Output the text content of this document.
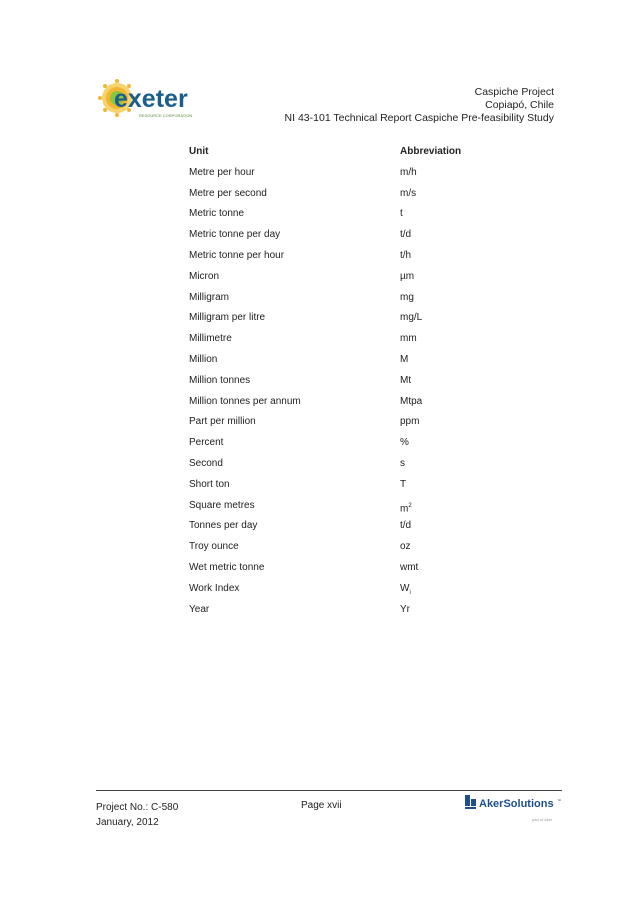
exeter
RESOURCE CORPORATION
Caspiche Project
Copiapó, Chile
NI 43-101 Technical Report Caspiche Pre-feasibility Study
Unit	Abbreviation
Metre per hour	m/h
Metre per second	m/s
Metric tonne	t
Metric tonne per day	t/d
Metric tonne per hour	t/h
Micron	µm
Milligram	mg
Milligram per litre	mg/L
Millimetre	mm
Million	M
Million tonnes	Mt
Million tonnes per annum	Mtpa
Part per million	ppm
Percent	%
Second	s
Short ton	T
Square metres	$m^2$
Tonnes per day	t/d
Troy ounce	oz
Wet metric tonne	wmt
Work Index	$W_i$
Year	Yr
Project No.: C-580
January, 2012
Page xvii	AkerSolutions ™
part of Aker
